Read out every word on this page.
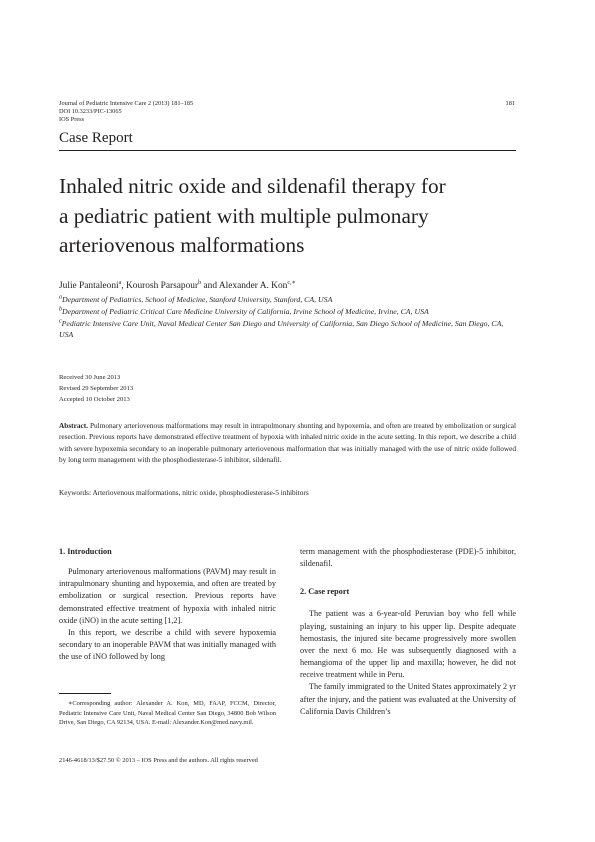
Journal of Pediatric Intensive Care 2 (2013) 181–185
DOI 10.3233/PIC-13065
IOS Press
181
Case Report
Inhaled nitric oxide and sildenafil therapy for
a pediatric patient with multiple pulmonary
arteriovenous malformations
Julie Pantaleoni$^a$, Kourosh Parsapour$^b$ and Alexander A. Kon$^{c,∗}$
$^a$Department of Pediatrics, School of Medicine, Stanford University, Stanford, CA, USA
$^b$Department of Pediatric Critical Care Medicine University of California, Irvine School of Medicine, Irvine, CA, USA
$^c$Pediatric Intensive Care Unit, Naval Medical Center San Diego and University of California, San Diego School of Medicine, San Diego, CA, USA
Received 30 June 2013
Revised 29 September 2013
Accepted 10 October 2013
Abstract. Pulmonary arteriovenous malformations may result in intrapulmonary shunting and hypoxemia, and often are treated by embolization or surgical resection. Previous reports have demonstrated effective treatment of hypoxia with inhaled nitric oxide in the acute setting. In this report, we describe a child with severe hypoxemia secondary to an inoperable pulmonary arteriovenous malformation that was initially managed with the use of nitric oxide followed by long term management with the phosphodiesterase-5 inhibitor, sildenafil.
Keywords: Arteriovenous malformations, nitric oxide, phosphodiesterase-5 inhibitors
1. Introduction

Pulmonary arteriovenous malformations (PAVM) may result in intrapulmonary shunting and hypoxemia, and often are treated by embolization or surgical resection. Previous reports have demonstrated effective treatment of hypoxia with inhaled nitric oxide (iNO) in the acute setting [1,2].

In this report, we describe a child with severe hypoxemia secondary to an inoperable PAVM that was initially managed with the use of iNO followed by long

∗Corresponding author: Alexander A. Kon, MD, FAAP, FCCM, Director, Pediatric Intensive Care Unit, Naval Medical Center San Diego, 34800 Bob Wilson Drive, San Diego, CA 92134, USA. E-mail: Alexander.Kon@med.navy.mil.

term management with the phosphodiesterase (PDE)-5 inhibitor, sildenafil.

2. Case report

The patient was a 6-year-old Peruvian boy who fell while playing, sustaining an injury to his upper lip. Despite adequate hemostasis, the injured site became progressively more swollen over the next 6 mo. He was subsequently diagnosed with a hemangioma of the upper lip and maxilla; however, he did not receive treatment while in Peru.

The family immigrated to the United States approximately 2 yr after the injury, and the patient was evaluated at the University of California Davis Children’s

2146-4618/13/$27.50 © 2013 – IOS Press and the authors. All rights reserved
